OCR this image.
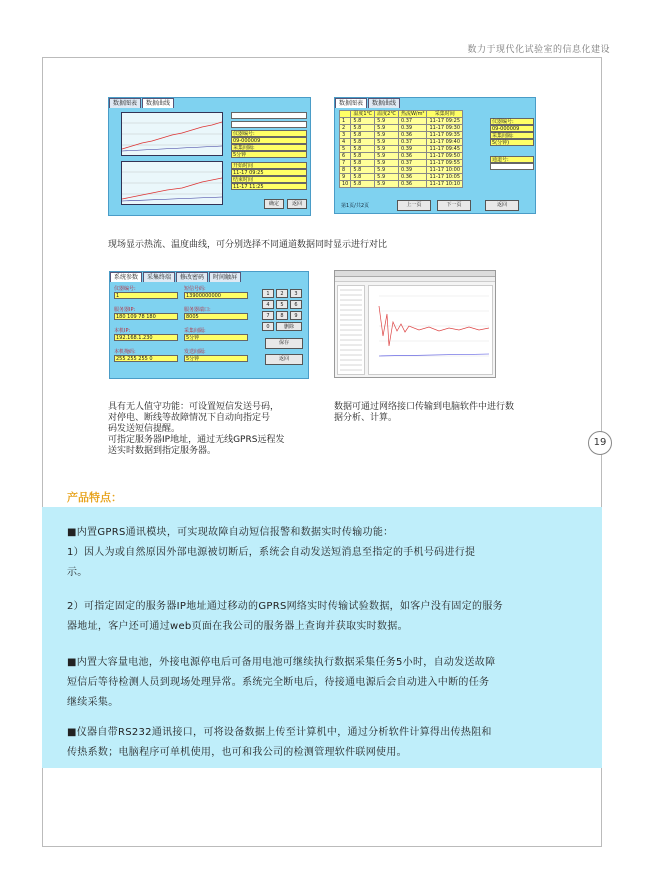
数力于现代化试验室的信息化建设
19
数据图表	数据曲线
仪器编号:
09-000009
采集间隔:
5分钟
开始时间
11-17 09:25
结束时间
11-17 11:25
确定	返回
数据图表	数据曲线
	温度1℃	温度2℃	热流W/m²	采集时间
1	5.8	5.9	0.37	11-17 09:25
2	5.8	5.9	0.39	11-17 09:30
3	5.8	5.9	0.36	11-17 09:35
4	5.8	5.9	0.37	11-17 09:40
5	5.8	5.9	0.39	11-17 09:45
6	5.8	5.9	0.36	11-17 09:50
7	5.8	5.9	0.37	11-17 09:55
8	5.8	5.9	0.39	11-17 10:00
9	5.8	5.9	0.36	11-17 10:05
10	5.8	5.9	0.36	11-17 10:10
仪器编号:
09-000009
采集间隔:
5(分钟)
通道号:
第1页/共2页	上一页	下一页	返回
现场显示热流、温度曲线，可分别选择不同通道数据同时显示进行对比
系统参数	采集终端	修改密码	时间触屏
仪器编号:
1
短信号码:
13900000000
服务器IP:
180 109 78 180
服务器端口:
8005
本机IP:
192.168.1.230
采集间隔:
5分钟
本机掩码:
255 255 255 0
发送间隔:
5分钟
1	2	3
4	5	6
7	8	9
0	删除
保存
返回
具有无人值守功能：可设置短信发送号码，
对停电、断线等故障情况下自动向指定号
码发送短信提醒。
可指定服务器IP地址，通过无线GPRS远程发
送实时数据到指定服务器。
数据可通过网络接口传输到电脑软件中进行数
据分析、计算。
产品特点：
■内置GPRS通讯模块，可实现故障自动短信报警和数据实时传输功能：
1）因人为或自然原因外部电源被切断后，系统会自动发送短消息至指定的手机号码进行提
示。
2）可指定固定的服务器IP地址通过移动的GPRS网络实时传输试验数据，如客户没有固定的服务
器地址，客户还可通过web页面在我公司的服务器上查询并获取实时数据。
■内置大容量电池，外接电源停电后可备用电池可继续执行数据采集任务5小时，自动发送故障
短信后等待检测人员到现场处理异常。系统完全断电后，待接通电源后会自动进入中断的任务
继续采集。
■仪器自带RS232通讯接口，可将设备数据上传至计算机中，通过分析软件计算得出传热阻和
传热系数；电脑程序可单机使用，也可和我公司的检测管理软件联网使用。
